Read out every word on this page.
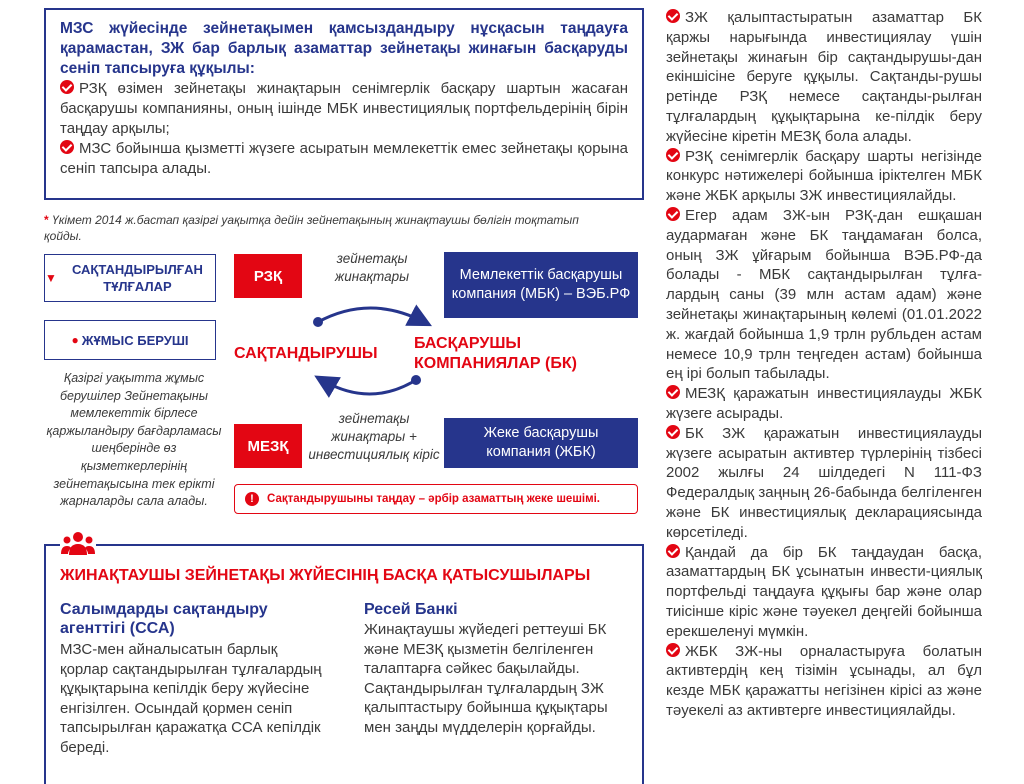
МЗС жүйесінде зейнетақымен қамсыздандыру нұсқасын таңдауға қарамастан, ЗЖ бар барлық азаматтар зейнетақы жинағын басқаруды сеніп тапсыруға құқылы:

РЗҚ өзімен зейнетақы жинақтарын сенімгерлік басқару шартын жасаған басқарушы компанияны, оның ішінде МБК инвестициялық портфельдерінің бірін таңдау арқылы;

МЗС бойынша қызметті жүзеге асыратын мемлекеттік емес зейнетақы қорына сеніп тапсыра алады.

* Үкімет 2014 ж.бастап қазіргі уақытқа дейін зейнетақының жинақтаушы бөлігін тоқтатып қойды.
▼
САҚТАНДЫРЫЛҒАН ТҰЛҒАЛАР
● ЖҰМЫС БЕРУШІ
Қазіргі уақытта жұмыс берушілер Зейнетақыны мемлекеттік бірлесе қаржыландыру бағдарламасы шеңберінде өз қызметкерлерінің зейнетақысына тек ерікті жарналарды сала алады.
РЗҚ
МЕЗҚ
зейнетақы жинақтары
зейнетақы жинақтары + инвестициялық кіріс
Мемлекеттік басқарушы компания (МБК) – ВЭБ.РФ
Жеке басқарушы компания (ЖБК)
САҚТАНДЫРУШЫ
БАСҚАРУШЫ КОМПАНИЯЛАР (БК)
!	Сақтандырушыны таңдау – әрбір азаматтың жеке шешімі.
ЖИНАҚТАУШЫ ЗЕЙНЕТАҚЫ ЖҮЙЕСІНІҢ БАСҚА ҚАТЫСУШЫЛАРЫ
Салымдарды сақтандыру агенттігі (ССА)
МЗС-мен айналысатын барлық қорлар сақтандырылған тұлғалардың құқықтарына кепілдік беру жүйесіне енгізілген. Осындай қормен сеніп тапсырылған қаражатқа ССА кепілдік береді.
Ресей Банкі
Жинақтаушы жүйедегі реттеуші БК және МЕЗҚ қызметін белгіленген талаптарға сәйкес бақылайды. Сақтандырылған тұлғалардың ЗЖ қалыптастыру бойынша құқықтары мен заңды мүдделерін қорғайды.

ЗЖ қалыптастыратын азаматтар БК қаржы нарығында инвестициялау үшін зейнетақы жинағын бір сақтандырушы-дан екіншісіне беруге құқылы. Сақтанды-рушы ретінде РЗҚ немесе сақтанды-рылған тұлғалардың құқықтарына ке-пілдік беру жүйесіне кіретін МЕЗҚ бола алады.

РЗҚ сенімгерлік басқару шарты негізінде конкурс нәтижелері бойынша іріктелген МБК және ЖБК арқылы ЗЖ инвестициялайды.

Егер адам ЗЖ-ын РЗҚ-дан ешқашан аудармаған және БК таңдамаған болса, оның ЗЖ ұйғарым бойынша ВЭБ.РФ-да болады - МБК сақтандырылған тұлға-лардың саны (39 млн астам адам) және зейнетақы жинақтарының көлемі (01.01.2022 ж. жағдай бойынша 1,9 трлн рубльден астам немесе 10,9 трлн теңгеден астам) бойынша ең ірі болып табылады.

МЕЗҚ қаражатын инвестициялауды ЖБК жүзеге асырады.

БК ЗЖ қаражатын инвестициялауды жүзеге асыратын активтер түрлерінің тізбесі 2002 жылғы 24 шілдедегі N 111-ФЗ Федералдық заңның 26-бабында белгіленген және БК инвестициялық декларациясында көрсетіледі.

Қандай да бір БК таңдаудан басқа, азаматтардың БК ұсынатын инвести-циялық портфельді таңдауға құқығы бар және олар тиісінше кіріс және тәуекел деңгейі бойынша ерекшеленуі мүмкін.

ЖБК ЗЖ-ны орналастыруға болатын активтердің кең тізімін ұсынады, ал бұл кезде МБК қаражатты негізінен кірісі аз және тәуекелі аз активтерге инвестициялайды.
